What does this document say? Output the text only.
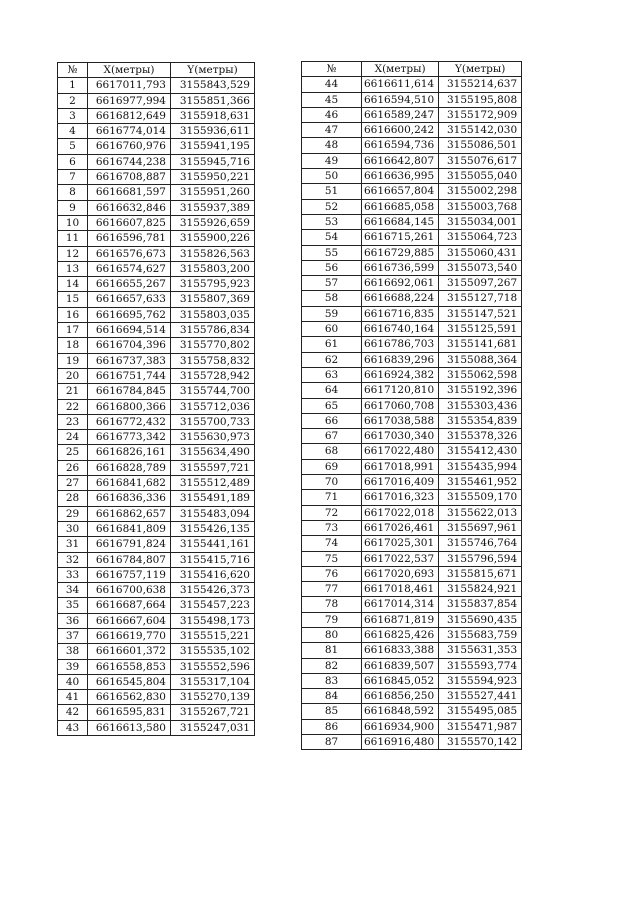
№	X(метры)	Y(метры)
1	6617011,793	3155843,529
2	6616977,994	3155851,366
3	6616812,649	3155918,631
4	6616774,014	3155936,611
5	6616760,976	3155941,195
6	6616744,238	3155945,716
7	6616708,887	3155950,221
8	6616681,597	3155951,260
9	6616632,846	3155937,389
10	6616607,825	3155926,659
11	6616596,781	3155900,226
12	6616576,673	3155826,563
13	6616574,627	3155803,200
14	6616655,267	3155795,923
15	6616657,633	3155807,369
16	6616695,762	3155803,035
17	6616694,514	3155786,834
18	6616704,396	3155770,802
19	6616737,383	3155758,832
20	6616751,744	3155728,942
21	6616784,845	3155744,700
22	6616800,366	3155712,036
23	6616772,432	3155700,733
24	6616773,342	3155630,973
25	6616826,161	3155634,490
26	6616828,789	3155597,721
27	6616841,682	3155512,489
28	6616836,336	3155491,189
29	6616862,657	3155483,094
30	6616841,809	3155426,135
31	6616791,824	3155441,161
32	6616784,807	3155415,716
33	6616757,119	3155416,620
34	6616700,638	3155426,373
35	6616687,664	3155457,223
36	6616667,604	3155498,173
37	6616619,770	3155515,221
38	6616601,372	3155535,102
39	6616558,853	3155552,596
40	6616545,804	3155317,104
41	6616562,830	3155270,139
42	6616595,831	3155267,721
43	6616613,580	3155247,031
№	X(метры)	Y(метры)
44	6616611,614	3155214,637
45	6616594,510	3155195,808
46	6616589,247	3155172,909
47	6616600,242	3155142,030
48	6616594,736	3155086,501
49	6616642,807	3155076,617
50	6616636,995	3155055,040
51	6616657,804	3155002,298
52	6616685,058	3155003,768
53	6616684,145	3155034,001
54	6616715,261	3155064,723
55	6616729,885	3155060,431
56	6616736,599	3155073,540
57	6616692,061	3155097,267
58	6616688,224	3155127,718
59	6616716,835	3155147,521
60	6616740,164	3155125,591
61	6616786,703	3155141,681
62	6616839,296	3155088,364
63	6616924,382	3155062,598
64	6617120,810	3155192,396
65	6617060,708	3155303,436
66	6617038,588	3155354,839
67	6617030,340	3155378,326
68	6617022,480	3155412,430
69	6617018,991	3155435,994
70	6617016,409	3155461,952
71	6617016,323	3155509,170
72	6617022,018	3155622,013
73	6617026,461	3155697,961
74	6617025,301	3155746,764
75	6617022,537	3155796,594
76	6617020,693	3155815,671
77	6617018,461	3155824,921
78	6617014,314	3155837,854
79	6616871,819	3155690,435
80	6616825,426	3155683,759
81	6616833,388	3155631,353
82	6616839,507	3155593,774
83	6616845,052	3155594,923
84	6616856,250	3155527,441
85	6616848,592	3155495,085
86	6616934,900	3155471,987
87	6616916,480	3155570,142
